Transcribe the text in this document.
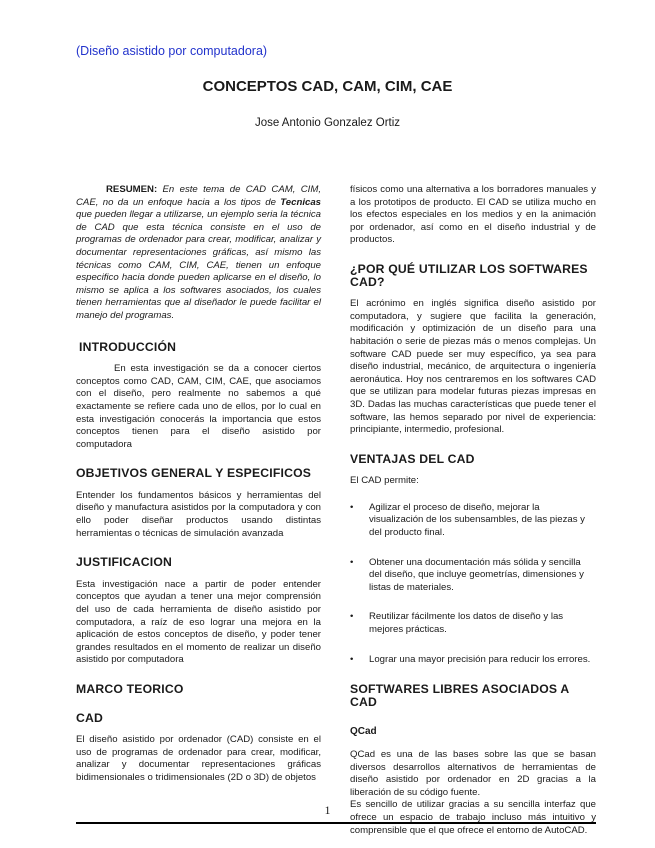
(Diseño asistido por computadora)
CONCEPTOS CAD, CAM, CIM, CAE
Jose Antonio Gonzalez Ortiz

RESUMEN: En este tema de CAD CAM, CIM, CAE, no da un enfoque hacia a los tipos de Tecnicas que pueden llegar a utilizarse, un ejemplo seria la técnica de CAD que esta técnica consiste en el uso de programas de ordenador para crear, modificar, analizar y documentar representaciones gráficas, así mismo las técnicas como CAM, CIM, CAE, tienen un enfoque especifico hacia donde pueden aplicarse en el diseño, lo mismo se aplica a los softwares asociados, los cuales tienen herramientas que al diseñador le puede facilitar el manejo del programas.

INTRODUCCIÓN

En esta investigación se da a conocer ciertos conceptos como CAD, CAM, CIM, CAE, que asociamos con el diseño, pero realmente no sabemos a qué exactamente se refiere cada uno de ellos, por lo cual en esta investigación conocerás la importancia que estos conceptos tienen para el diseño asistido por computadora

OBJETIVOS GENERAL Y ESPECIFICOS

Entender los fundamentos básicos y herramientas del diseño y manufactura asistidos por la computadora y con ello poder diseñar productos usando distintas herramientas o técnicas de simulación avanzada

JUSTIFICACION

Esta investigación nace a partir de poder entender conceptos que ayudan a tener una mejor comprensión del uso de cada herramienta de diseño asistido por computadora, a raíz de eso lograr una mejora en la aplicación de estos conceptos de diseño, y poder tener grandes resultados en el momento de realizar un diseño asistido por computadora

MARCO TEORICO
CAD

El diseño asistido por ordenador (CAD) consiste en el uso de programas de ordenador para crear, modificar, analizar y documentar representaciones gráficas bidimensionales o tridimensionales (2D o 3D) de objetos

físicos como una alternativa a los borradores manuales y a los prototipos de producto. El CAD se utiliza mucho en los efectos especiales en los medios y en la animación por ordenador, así como en el diseño industrial y de productos.

¿POR QUÉ UTILIZAR LOS SOFTWARES CAD?

El acrónimo en inglés significa diseño asistido por computadora, y sugiere que facilita la generación, modificación y optimización de un diseño para una habitación o serie de piezas más o menos complejas. Un software CAD puede ser muy específico, ya sea para diseño industrial, mecánico, de arquitectura o ingeniería aeronáutica. Hoy nos centraremos en los softwares CAD que se utilizan para modelar futuras piezas impresas en 3D. Dadas las muchas características que puede tener el software, las hemos separado por nivel de experiencia: principiante, intermedio, profesional.

VENTAJAS DEL CAD

El CAD permite:

• Agilizar el proceso de diseño, mejorar la visualización de los subensambles, de las piezas y del producto final.
• Obtener una documentación más sólida y sencilla del diseño, que incluye geometrías, dimensiones y listas de materiales.
• Reutilizar fácilmente los datos de diseño y las mejores prácticas.
• Lograr una mayor precisión para reducir los errores.
SOFTWARES LIBRES ASOCIADOS A CAD
QCad

QCad es una de las bases sobre las que se basan diversos desarrollos alternativos de herramientas de diseño asistido por ordenador en 2D gracias a la liberación de su código fuente.

Es sencillo de utilizar gracias a su sencilla interfaz que ofrece un espacio de trabajo incluso más intuitivo y comprensible que el que ofrece el entorno de AutoCAD.

1
